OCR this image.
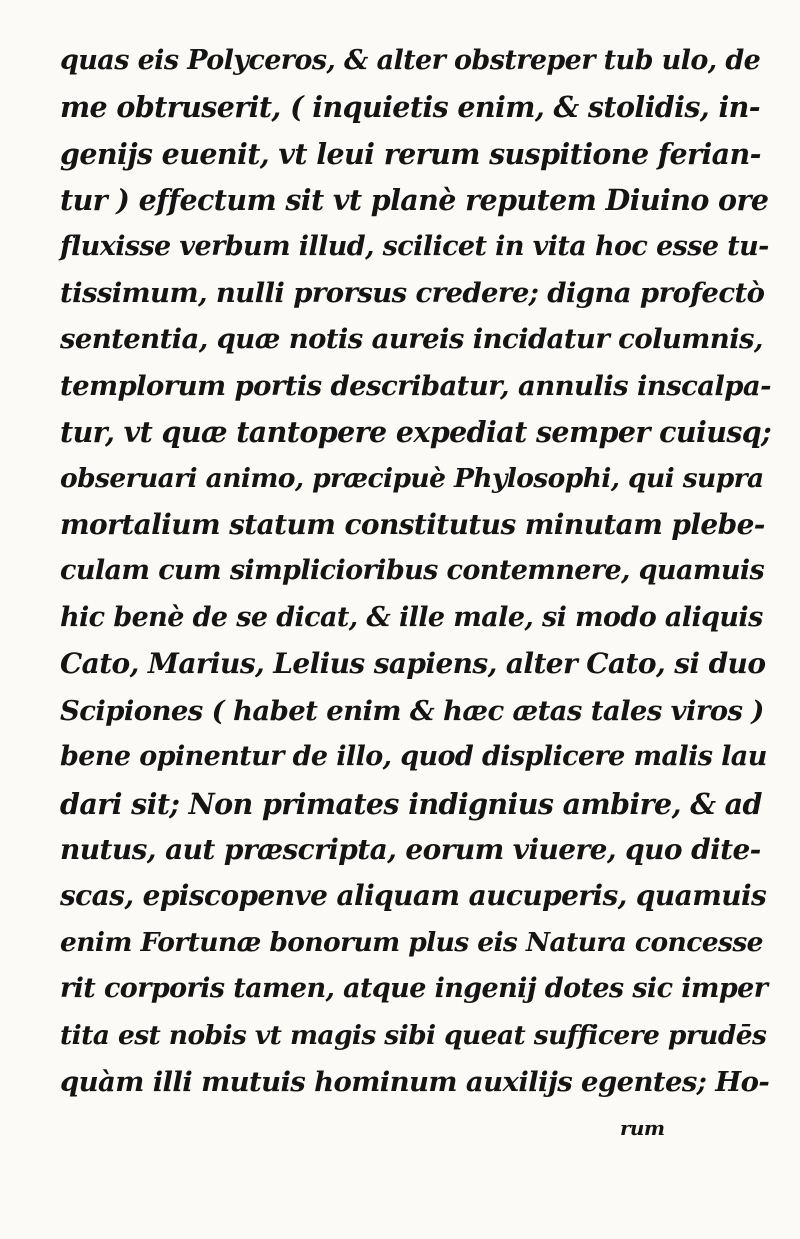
quas eis Polyceros, & alter obstreper tub ulo, de
me obtruserit, ( inquietis enim, & stolidis, in-
genijs euenit, vt leui rerum suspitione ferian-
tur ) effectum sit vt planè reputem Diuino ore
fluxisse verbum illud, scilicet in vita hoc esse tu-
tissimum, nulli prorsus credere; digna profectò
sententia, quæ notis aureis incidatur columnis,
templorum portis describatur, annulis inscalpa-
tur, vt quæ tantopere expediat semper cuiusq;
obseruari animo, præcipuè Phylosophi, qui supra
mortalium statum constitutus minutam plebe-
culam cum simplicioribus contemnere, quamuis
hic benè de se dicat, & ille male, si modo aliquis
Cato, Marius, Lelius sapiens, alter Cato, si duo
Scipiones ( habet enim & hæc ætas tales viros )
bene opinentur de illo, quod displicere malis lau
dari sit; Non primates indignius ambire, & ad
nutus, aut præscripta, eorum viuere, quo dite-
scas, episcopenve aliquam aucuperis, quamuis
enim Fortunæ bonorum plus eis Natura concesse
rit corporis tamen, atque ingenij dotes sic imper
tita est nobis vt magis sibi queat sufficere prudēs
quàm illi mutuis hominum auxilijs egentes; Ho-
rum
